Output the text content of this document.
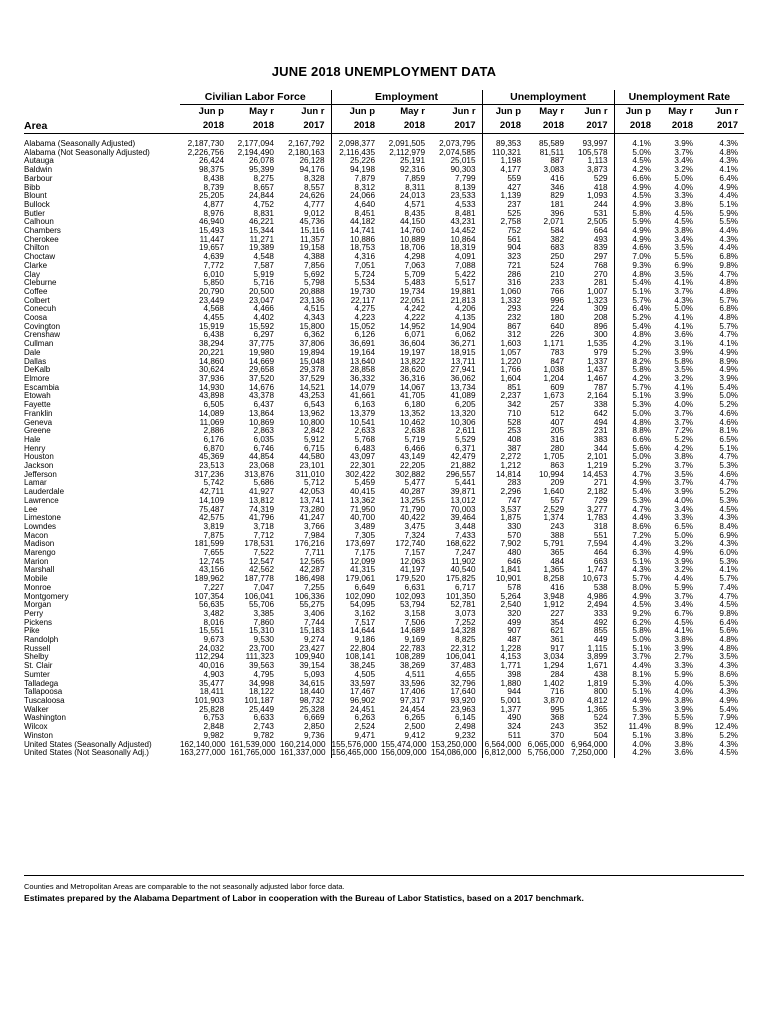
JUNE 2018 UNEMPLOYMENT DATA
	Civilian Labor Force			Employment			Unemployment			Unemployment Rate		
Area	Jun p	May r	Jun r	Jun p	May r	Jun r	Jun p	May r	Jun r	Jun p	May r	Jun r
	2018	2018	2017	2018	2018	2017	2018	2018	2017	2018	2018	2017
Alabama (Seasonally Adjusted)	2,187,730	2,177,094	2,167,792	2,098,377	2,091,505	2,073,795	89,353	85,589	93,997	4.1%	3.9%	4.3%
Alabama (Not Seasonally Adjusted)	2,226,756	2,194,490	2,180,163	2,116,435	2,112,979	2,074,585	110,321	81,511	105,578	5.0%	3.7%	4.8%
Autauga	26,424	26,078	26,128	25,226	25,191	25,015	1,198	887	1,113	4.5%	3.4%	4.3%
Baldwin	98,375	95,399	94,176	94,198	92,316	90,303	4,177	3,083	3,873	4.2%	3.2%	4.1%
Barbour	8,438	8,275	8,328	7,879	7,859	7,799	559	416	529	6.6%	5.0%	6.4%
Bibb	8,739	8,657	8,557	8,312	8,311	8,139	427	346	418	4.9%	4.0%	4.9%
Blount	25,205	24,844	24,626	24,066	24,013	23,533	1,139	829	1,093	4.5%	3.3%	4.4%
Bullock	4,877	4,752	4,777	4,640	4,571	4,533	237	181	244	4.9%	3.8%	5.1%
Butler	8,976	8,831	9,012	8,451	8,435	8,481	525	396	531	5.8%	4.5%	5.9%
Calhoun	46,940	46,221	45,736	44,182	44,150	43,231	2,758	2,071	2,505	5.9%	4.5%	5.5%
Chambers	15,493	15,344	15,116	14,741	14,760	14,452	752	584	664	4.9%	3.8%	4.4%
Cherokee	11,447	11,271	11,357	10,886	10,889	10,864	561	382	493	4.9%	3.4%	4.3%
Chilton	19,657	19,389	19,158	18,753	18,706	18,319	904	683	839	4.6%	3.5%	4.4%
Choctaw	4,639	4,548	4,388	4,316	4,298	4,091	323	250	297	7.0%	5.5%	6.8%
Clarke	7,772	7,587	7,856	7,051	7,063	7,088	721	524	768	9.3%	6.9%	9.8%
Clay	6,010	5,919	5,692	5,724	5,709	5,422	286	210	270	4.8%	3.5%	4.7%
Cleburne	5,850	5,716	5,798	5,534	5,483	5,517	316	233	281	5.4%	4.1%	4.8%
Coffee	20,790	20,500	20,888	19,730	19,734	19,881	1,060	766	1,007	5.1%	3.7%	4.8%
Colbert	23,449	23,047	23,136	22,117	22,051	21,813	1,332	996	1,323	5.7%	4.3%	5.7%
Conecuh	4,568	4,466	4,515	4,275	4,242	4,206	293	224	309	6.4%	5.0%	6.8%
Coosa	4,455	4,402	4,343	4,223	4,222	4,135	232	180	208	5.2%	4.1%	4.8%
Covington	15,919	15,592	15,800	15,052	14,952	14,904	867	640	896	5.4%	4.1%	5.7%
Crenshaw	6,438	6,297	6,362	6,126	6,071	6,062	312	226	300	4.8%	3.6%	4.7%
Cullman	38,294	37,775	37,806	36,691	36,604	36,271	1,603	1,171	1,535	4.2%	3.1%	4.1%
Dale	20,221	19,980	19,894	19,164	19,197	18,915	1,057	783	979	5.2%	3.9%	4.9%
Dallas	14,860	14,669	15,048	13,640	13,822	13,711	1,220	847	1,337	8.2%	5.8%	8.9%
DeKalb	30,624	29,658	29,378	28,858	28,620	27,941	1,766	1,038	1,437	5.8%	3.5%	4.9%
Elmore	37,936	37,520	37,529	36,332	36,316	36,062	1,604	1,204	1,467	4.2%	3.2%	3.9%
Escambia	14,930	14,676	14,521	14,079	14,067	13,734	851	609	787	5.7%	4.1%	5.4%
Etowah	43,898	43,378	43,253	41,661	41,705	41,089	2,237	1,673	2,164	5.1%	3.9%	5.0%
Fayette	6,505	6,437	6,543	6,163	6,180	6,205	342	257	338	5.3%	4.0%	5.2%
Franklin	14,089	13,864	13,962	13,379	13,352	13,320	710	512	642	5.0%	3.7%	4.6%
Geneva	11,069	10,869	10,800	10,541	10,462	10,306	528	407	494	4.8%	3.7%	4.6%
Greene	2,886	2,863	2,842	2,633	2,638	2,611	253	205	231	8.8%	7.2%	8.1%
Hale	6,176	6,035	5,912	5,768	5,719	5,529	408	316	383	6.6%	5.2%	6.5%
Henry	6,870	6,746	6,715	6,483	6,466	6,371	387	280	344	5.6%	4.2%	5.1%
Houston	45,369	44,854	44,580	43,097	43,149	42,479	2,272	1,705	2,101	5.0%	3.8%	4.7%
Jackson	23,513	23,068	23,101	22,301	22,205	21,882	1,212	863	1,219	5.2%	3.7%	5.3%
Jefferson	317,236	313,876	311,010	302,422	302,882	296,557	14,814	10,994	14,453	4.7%	3.5%	4.6%
Lamar	5,742	5,686	5,712	5,459	5,477	5,441	283	209	271	4.9%	3.7%	4.7%
Lauderdale	42,711	41,927	42,053	40,415	40,287	39,871	2,296	1,640	2,182	5.4%	3.9%	5.2%
Lawrence	14,109	13,812	13,741	13,362	13,255	13,012	747	557	729	5.3%	4.0%	5.3%
Lee	75,487	74,319	73,280	71,950	71,790	70,003	3,537	2,529	3,277	4.7%	3.4%	4.5%
Limestone	42,575	41,796	41,247	40,700	40,422	39,464	1,875	1,374	1,783	4.4%	3.3%	4.3%
Lowndes	3,819	3,718	3,766	3,489	3,475	3,448	330	243	318	8.6%	6.5%	8.4%
Macon	7,875	7,712	7,984	7,305	7,324	7,433	570	388	551	7.2%	5.0%	6.9%
Madison	181,599	178,531	176,216	173,697	172,740	168,622	7,902	5,791	7,594	4.4%	3.2%	4.3%
Marengo	7,655	7,522	7,711	7,175	7,157	7,247	480	365	464	6.3%	4.9%	6.0%
Marion	12,745	12,547	12,565	12,099	12,063	11,902	646	484	663	5.1%	3.9%	5.3%
Marshall	43,156	42,562	42,287	41,315	41,197	40,540	1,841	1,365	1,747	4.3%	3.2%	4.1%
Mobile	189,962	187,778	186,498	179,061	179,520	175,825	10,901	8,258	10,673	5.7%	4.4%	5.7%
Monroe	7,227	7,047	7,255	6,649	6,631	6,717	578	416	538	8.0%	5.9%	7.4%
Montgomery	107,354	106,041	106,336	102,090	102,093	101,350	5,264	3,948	4,986	4.9%	3.7%	4.7%
Morgan	56,635	55,706	55,275	54,095	53,794	52,781	2,540	1,912	2,494	4.5%	3.4%	4.5%
Perry	3,482	3,385	3,406	3,162	3,158	3,073	320	227	333	9.2%	6.7%	9.8%
Pickens	8,016	7,860	7,744	7,517	7,506	7,252	499	354	492	6.2%	4.5%	6.4%
Pike	15,551	15,310	15,183	14,644	14,689	14,328	907	621	855	5.8%	4.1%	5.6%
Randolph	9,673	9,530	9,274	9,186	9,169	8,825	487	361	449	5.0%	3.8%	4.8%
Russell	24,032	23,700	23,427	22,804	22,783	22,312	1,228	917	1,115	5.1%	3.9%	4.8%
Shelby	112,294	111,323	109,940	108,141	108,289	106,041	4,153	3,034	3,899	3.7%	2.7%	3.5%
St. Clair	40,016	39,563	39,154	38,245	38,269	37,483	1,771	1,294	1,671	4.4%	3.3%	4.3%
Sumter	4,903	4,795	5,093	4,505	4,511	4,655	398	284	438	8.1%	5.9%	8.6%
Talladega	35,477	34,998	34,615	33,597	33,596	32,796	1,880	1,402	1,819	5.3%	4.0%	5.3%
Tallapoosa	18,411	18,122	18,440	17,467	17,406	17,640	944	716	800	5.1%	4.0%	4.3%
Tuscaloosa	101,903	101,187	98,732	96,902	97,317	93,920	5,001	3,870	4,812	4.9%	3.8%	4.9%
Walker	25,828	25,449	25,328	24,451	24,454	23,963	1,377	995	1,365	5.3%	3.9%	5.4%
Washington	6,753	6,633	6,669	6,263	6,265	6,145	490	368	524	7.3%	5.5%	7.9%
Wilcox	2,848	2,743	2,850	2,524	2,500	2,498	324	243	352	11.4%	8.9%	12.4%
Winston	9,982	9,782	9,736	9,471	9,412	9,232	511	370	504	5.1%	3.8%	5.2%
United States (Seasonally Adjusted)	162,140,000	161,539,000	160,214,000	155,576,000	155,474,000	153,250,000	6,564,000	6,065,000	6,964,000	4.0%	3.8%	4.3%
United States (Not Seasonally Adj.)	163,277,000	161,765,000	161,337,000	156,465,000	156,009,000	154,086,000	6,812,000	5,756,000	7,250,000	4.2%	3.6%	4.5%
Counties and Metropolitan Areas are comparable to the not seasonally adjusted labor force data.
Estimates prepared by the Alabama Department of Labor in cooperation with the Bureau of Labor Statistics, based on a 2017 benchmark.
